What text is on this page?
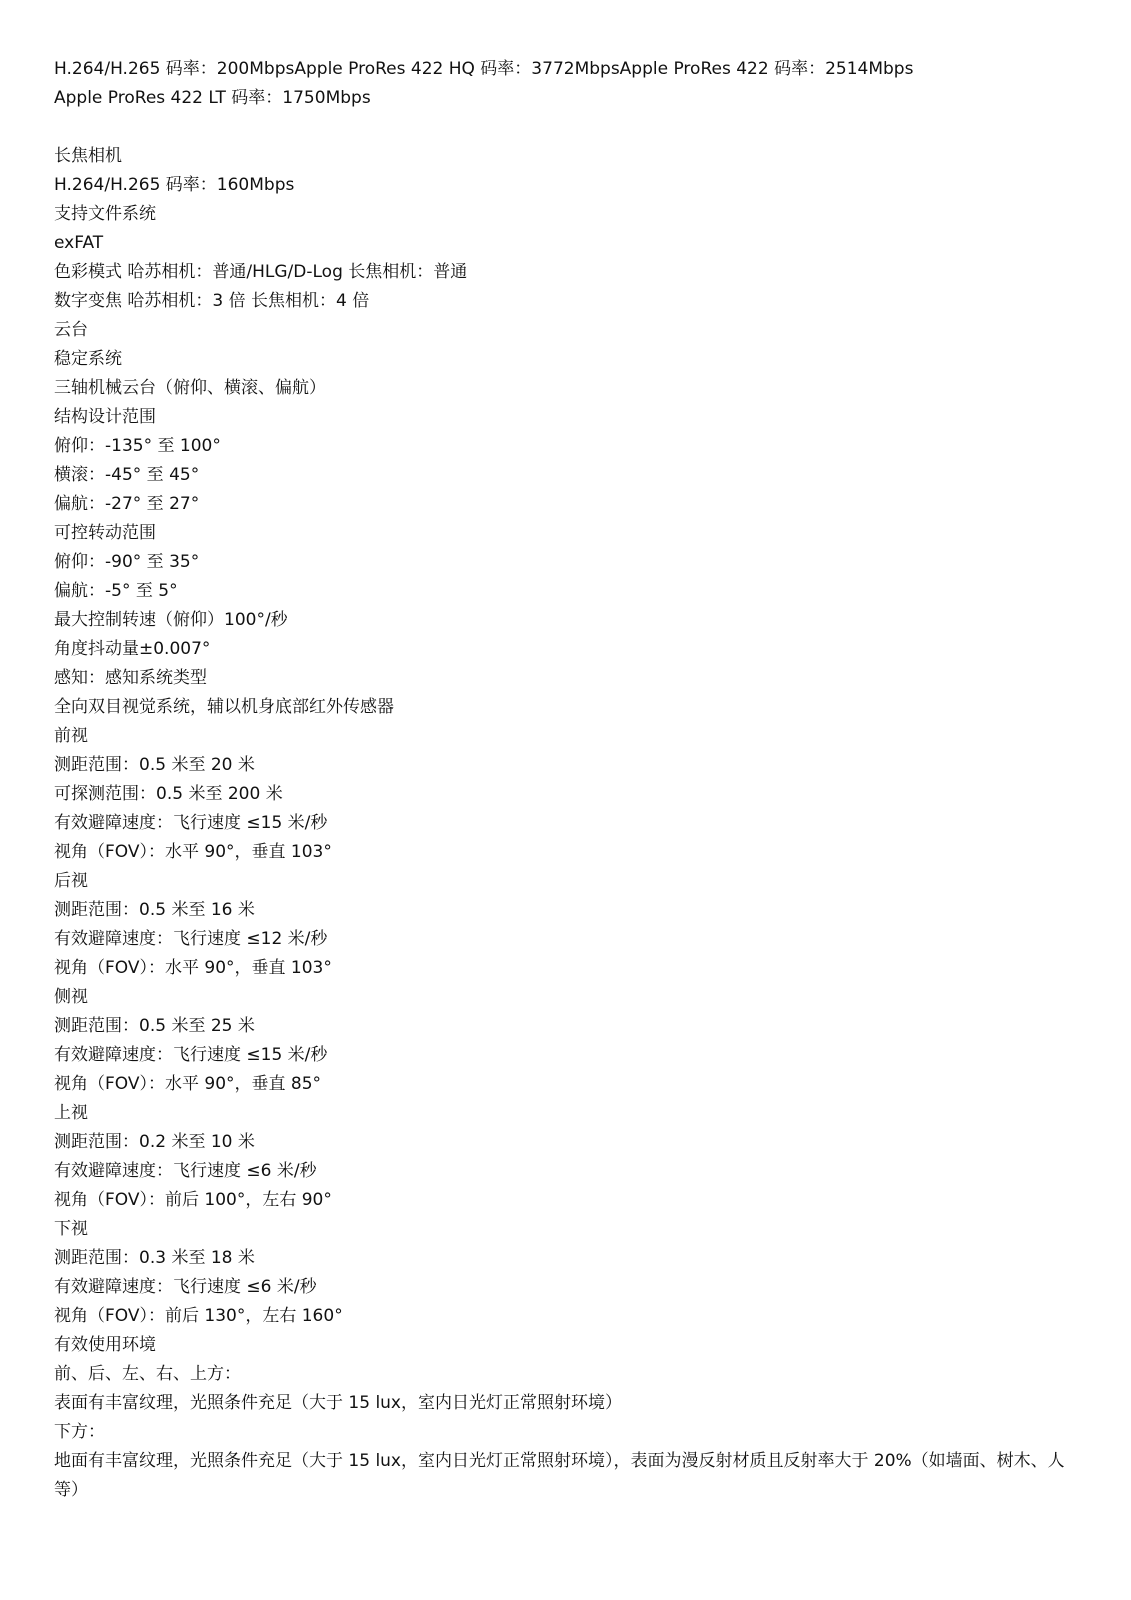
H.264/H.265 码率：200MbpsApple ProRes 422 HQ 码率：3772MbpsApple ProRes 422 码率：2514Mbps
Apple ProRes 422 LT 码率：1750Mbps
长焦相机
H.264/H.265 码率：160Mbps
支持文件系统
exFAT
色彩模式 哈苏相机：普通/HLG/D-Log 长焦相机：普通
数字变焦 哈苏相机：3 倍 长焦相机：4 倍
云台
稳定系统
三轴机械云台（俯仰、横滚、偏航）
结构设计范围
俯仰：-135° 至 100°
横滚：-45° 至 45°
偏航：-27° 至 27°
可控转动范围
俯仰：-90° 至 35°
偏航：-5° 至 5°
最大控制转速（俯仰）100°/秒
角度抖动量±0.007°
感知：感知系统类型
全向双目视觉系统，辅以机身底部红外传感器
前视
测距范围：0.5 米至 20 米
可探测范围：0.5 米至 200 米
有效避障速度：飞行速度 ≤15 米/秒
视角（FOV）：水平 90°，垂直 103°
后视
测距范围：0.5 米至 16 米
有效避障速度：飞行速度 ≤12 米/秒
视角（FOV）：水平 90°，垂直 103°
侧视
测距范围：0.5 米至 25 米
有效避障速度：飞行速度 ≤15 米/秒
视角（FOV）：水平 90°，垂直 85°
上视
测距范围：0.2 米至 10 米
有效避障速度：飞行速度 ≤6 米/秒
视角（FOV）：前后 100°，左右 90°
下视
测距范围：0.3 米至 18 米
有效避障速度：飞行速度 ≤6 米/秒
视角（FOV）：前后 130°，左右 160°
有效使用环境
前、后、左、右、上方：
表面有丰富纹理，光照条件充足（大于 15 lux，室内日光灯正常照射环境）
下方：
地面有丰富纹理，光照条件充足（大于 15 lux，室内日光灯正常照射环境），表面为漫反射材质且反射率大于 20%（如墙面、树木、人等）
